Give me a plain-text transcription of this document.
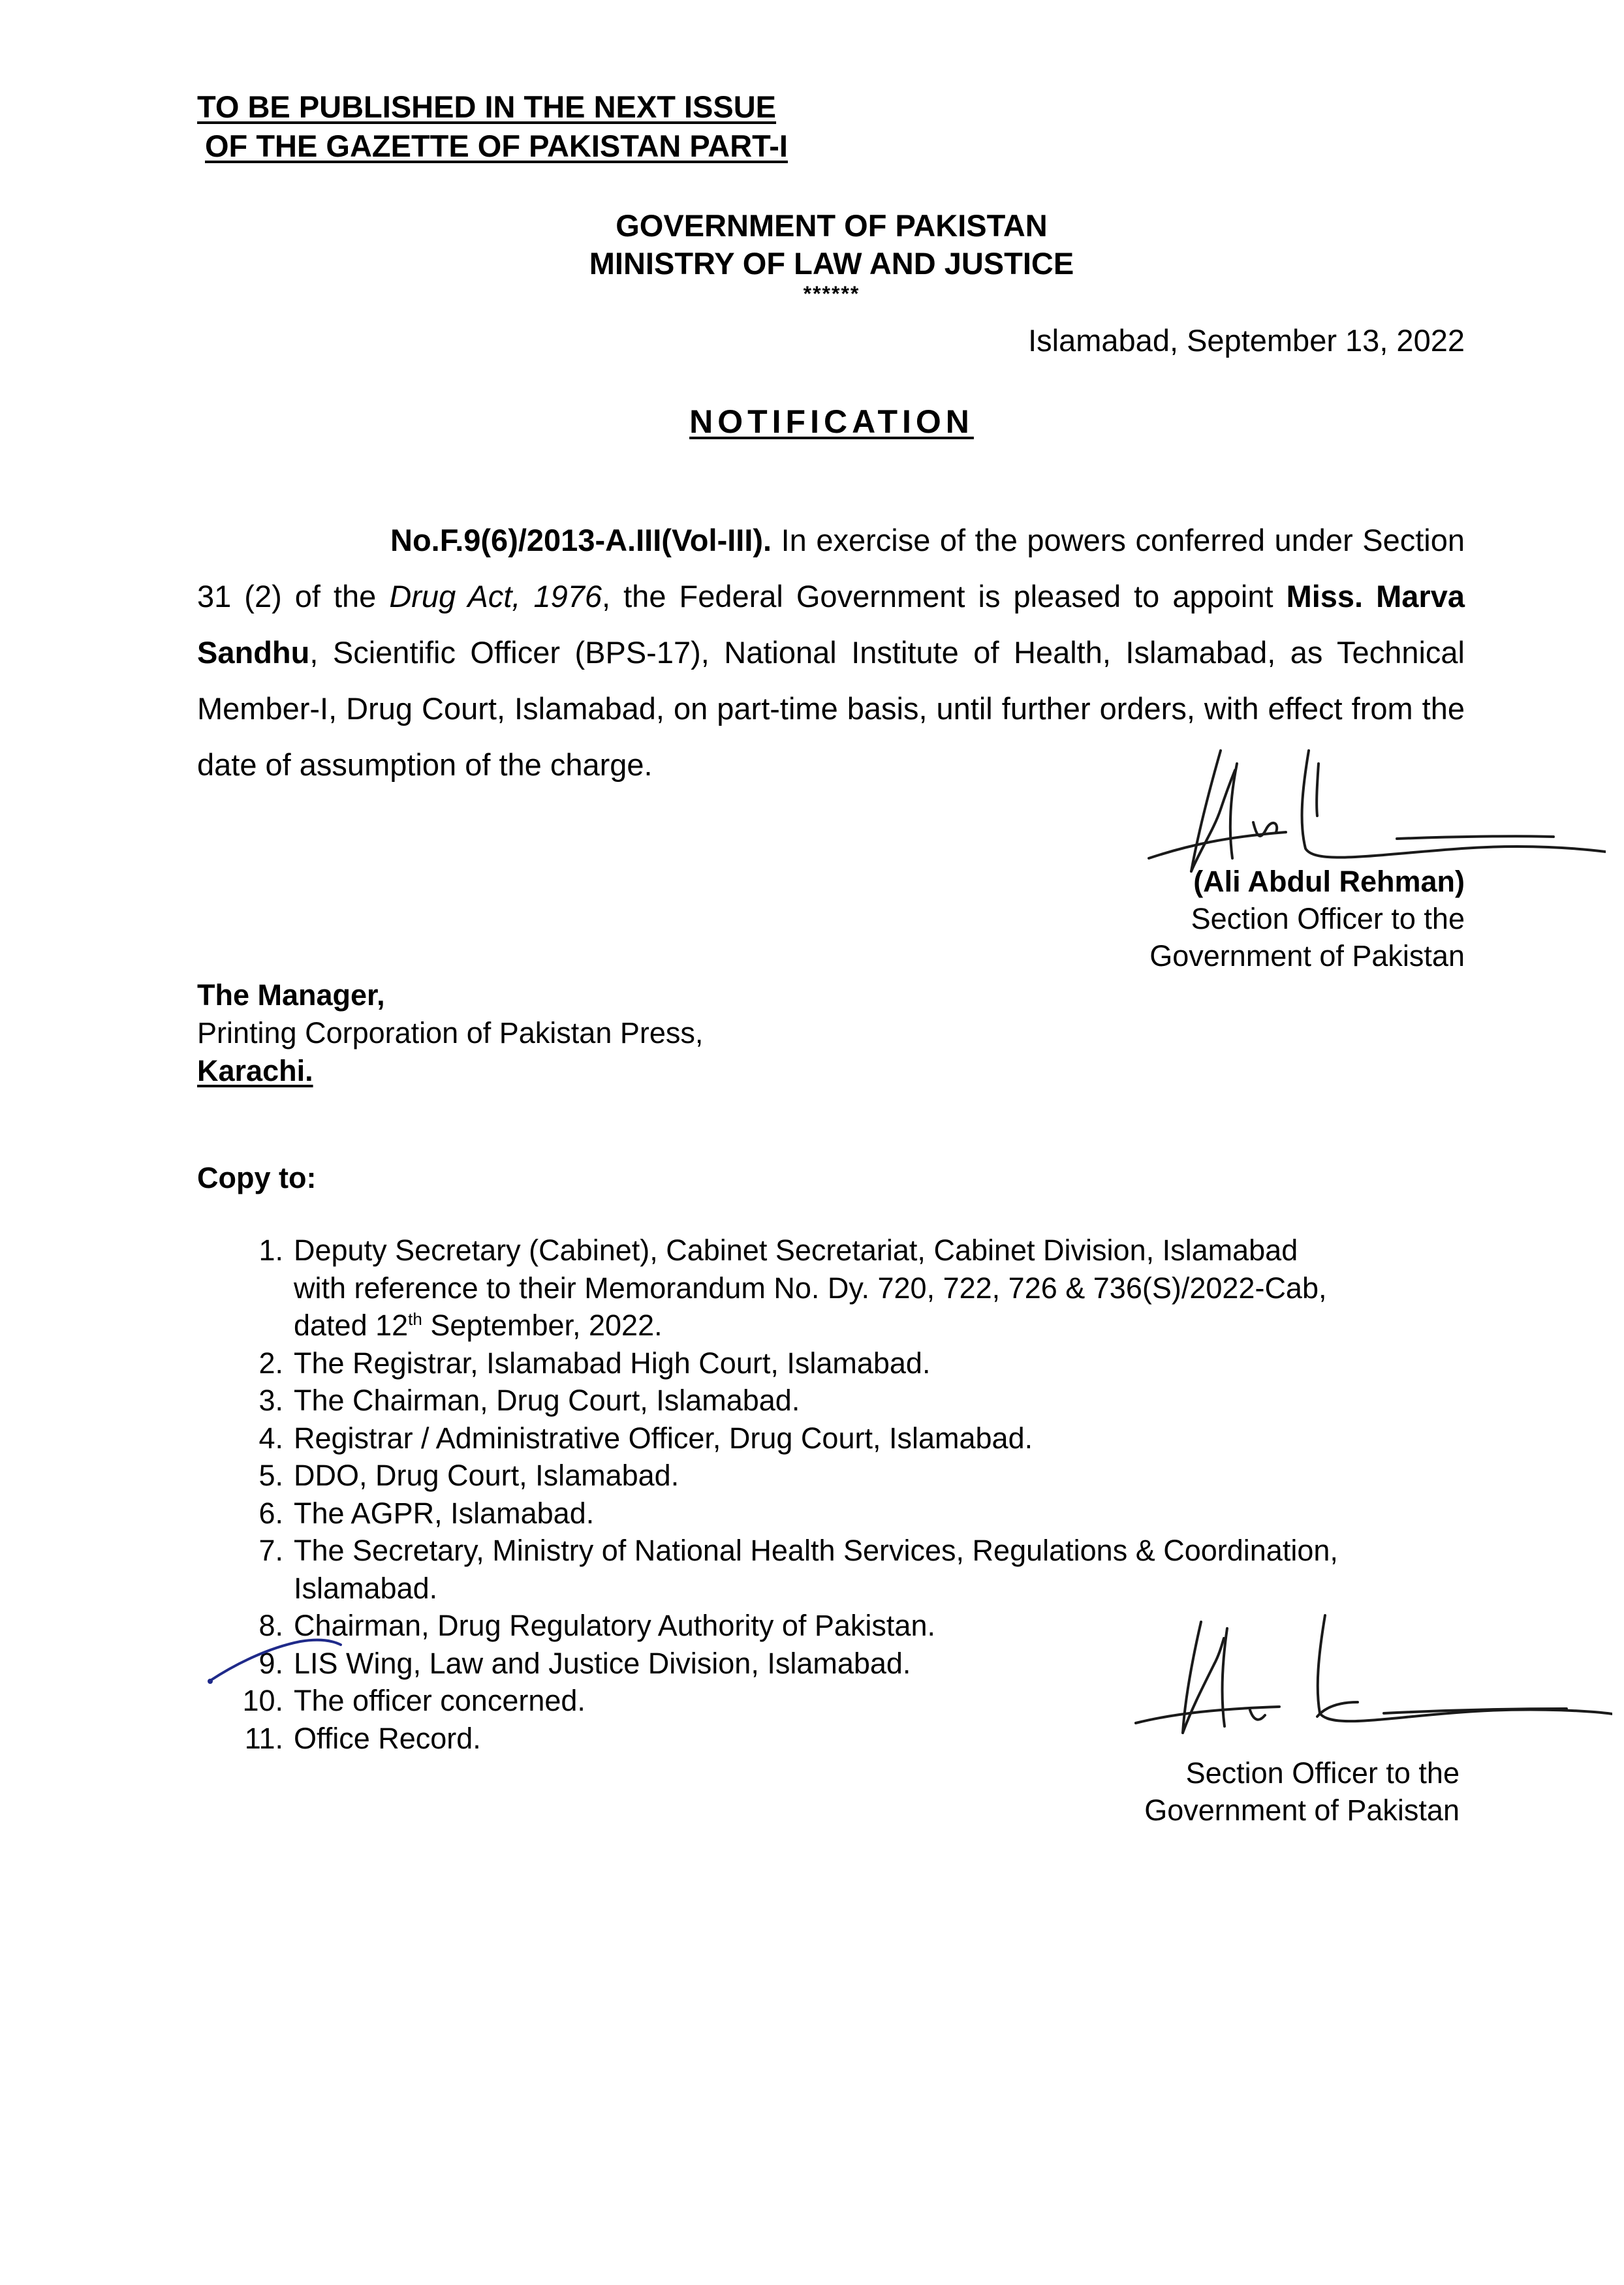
TO BE PUBLISHED IN THE NEXT ISSUE
OF THE GAZETTE OF PAKISTAN PART-I
GOVERNMENT OF PAKISTAN
MINISTRY OF LAW AND JUSTICE
******
Islamabad, September 13, 2022
NOTIFICATION
No.F.9(6)/2013-A.III(Vol-III). In exercise of the powers conferred under Section 31 (2) of the Drug Act, 1976, the Federal Government is pleased to appoint Miss. Marva Sandhu, Scientific Officer (BPS-17), National Institute of Health, Islamabad, as Technical Member-I, Drug Court, Islamabad, on part-time basis, until further orders, with effect from the date of assumption of the charge.
(Ali Abdul Rehman)
Section Officer to the
Government of Pakistan
The Manager,
Printing Corporation of Pakistan Press,
Karachi.
Copy to:
1. Deputy Secretary (Cabinet), Cabinet Secretariat, Cabinet Division, Islamabad
with reference to their Memorandum No. Dy. 720, 722, 726 & 736(S)/2022-Cab,
dated 12th September, 2022.
2. The Registrar, Islamabad High Court, Islamabad.
3. The Chairman, Drug Court, Islamabad.
4. Registrar / Administrative Officer, Drug Court, Islamabad.
5. DDO, Drug Court, Islamabad.
6. The AGPR, Islamabad.
7. The Secretary, Ministry of National Health Services, Regulations & Coordination,
Islamabad.
8. Chairman, Drug Regulatory Authority of Pakistan.
9. LIS Wing, Law and Justice Division, Islamabad.
10. The officer concerned.
11. Office Record.
Section Officer to the
Government of Pakistan
